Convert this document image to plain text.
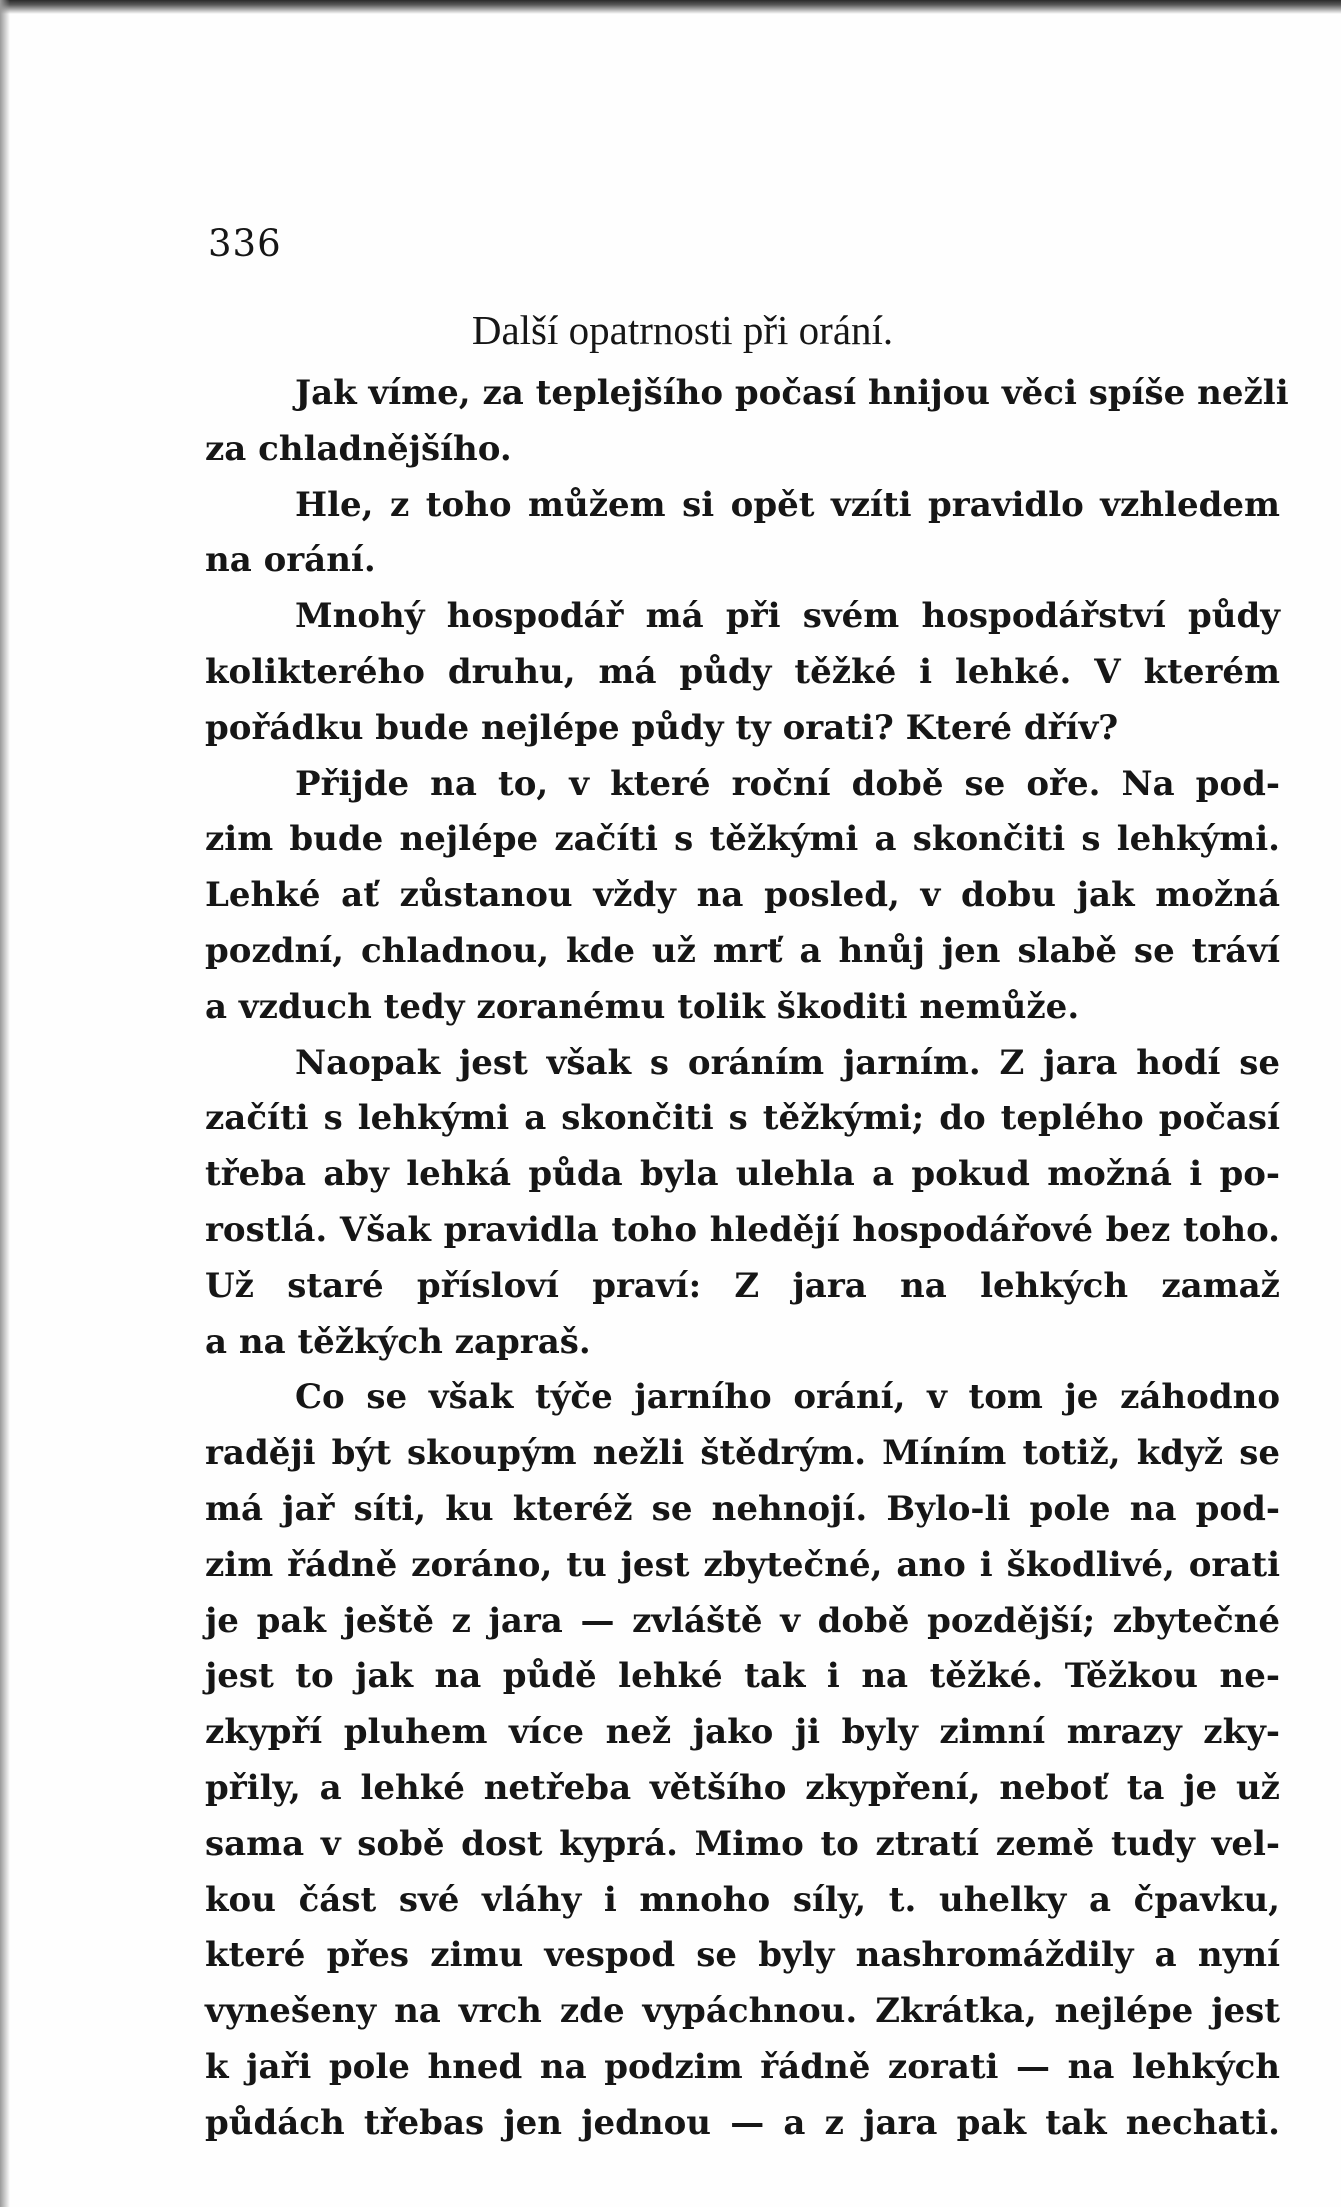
336
Další opatrnosti při orání.
Jak víme, za teplejšího počasí hnijou věci spíše nežli
za chladnějšího.
Hle, z toho můžem si opět vzíti pravidlo vzhledem
na orání.
Mnohý hospodář má při svém hospodářství půdy
kolikterého druhu, má půdy těžké i lehké. V kterém
pořádku bude nejlépe půdy ty orati? Které dřív?
Přijde na to, v které roční době se oře. Na pod-
zim bude nejlépe začíti s těžkými a skončiti s lehkými.
Lehké ať zůstanou vždy na posled, v dobu jak možná
pozdní, chladnou, kde už mrť a hnůj jen slabě se tráví
a vzduch tedy zoranému tolik škoditi nemůže.
Naopak jest však s oráním jarním. Z jara hodí se
začíti s lehkými a skončiti s těžkými; do teplého počasí
třeba aby lehká půda byla ulehla a pokud možná i po-
rostlá. Však pravidla toho hledějí hospodářové bez toho.
Už staré přísloví praví: Z jara na lehkých zamaž
a na těžkých zapraš.
Co se však týče jarního orání, v tom je záhodno
raději být skoupým nežli štědrým. Míním totiž, když se
má jař síti, ku kteréž se nehnojí. Bylo-li pole na pod-
zim řádně zoráno, tu jest zbytečné, ano i škodlivé, orati
je pak ještě z jara — zvláště v době pozdější; zbytečné
jest to jak na půdě lehké tak i na těžké. Těžkou ne-
zkypří pluhem více než jako ji byly zimní mrazy zky-
přily, a lehké netřeba většího zkypření, neboť ta je už
sama v sobě dost kyprá. Mimo to ztratí země tudy vel-
kou část své vláhy i mnoho síly, t. uhelky a čpavku,
které přes zimu vespod se byly nashromáždily a nyní
vynešeny na vrch zde vypáchnou. Zkrátka, nejlépe jest
k jaři pole hned na podzim řádně zorati — na lehkých
půdách třebas jen jednou — a z jara pak tak nechati.
